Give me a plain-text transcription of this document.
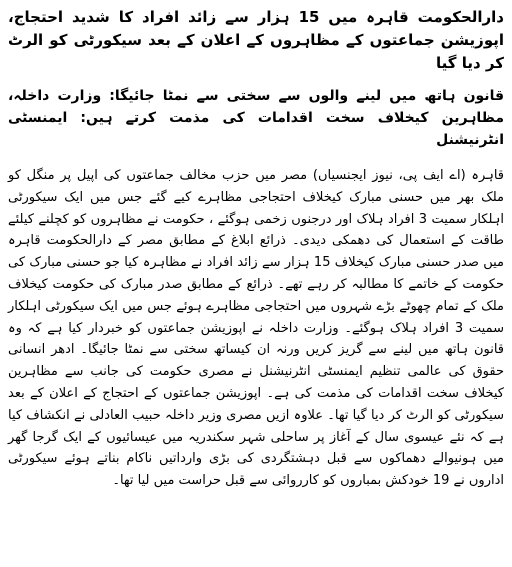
دارالحکومت قاہرہ میں 15 ہزار سے زائد افراد کا شدید احتجاج، اپوزیشن جماعتوں کے مظاہروں کے اعلان کے بعد سیکورٹی کو الرٹ کر دیا گیا
قانون ہاتھ میں لینے والوں سے سختی سے نمٹا جائیگا: وزارت داخلہ، مظاہرین کیخلاف سخت اقدامات کی مذمت کرتے ہیں: ایمنسٹی انٹرنیشنل

قاہرہ (اے ایف پی، نیوز ایجنسیاں) مصر میں حزب مخالف جماعتوں کی اپیل پر منگل کو ملک بھر میں حسنی مبارک کیخلاف احتجاجی مظاہرے کیے گئے جس میں ایک سیکورٹی اہلکار سمیت 3 افراد ہلاک اور درجنوں زخمی ہوگئے ، حکومت نے مظاہروں کو کچلنے کیلئے طاقت کے استعمال کی دھمکی دیدی۔ ذرائع ابلاغ کے مطابق مصر کے دارالحکومت قاہرہ میں صدر حسنی مبارک کیخلاف 15 ہزار سے زائد افراد نے مظاہرہ کیا جو حسنی مبارک کی حکومت کے خاتمے کا مطالبہ کر رہے تھے۔ ذرائع کے مطابق صدر مبارک کی حکومت کیخلاف ملک کے تمام چھوٹے بڑے شہروں میں احتجاجی مظاہرے ہوئے جس میں ایک سیکورٹی اہلکار سمیت 3 افراد ہلاک ہوگئے۔ وزارت داخلہ نے اپوزیشن جماعتوں کو خبردار کیا ہے کہ وہ قانون ہاتھ میں لینے سے گریز کریں ورنہ ان کیساتھ سختی سے نمٹا جائیگا۔ ادھر انسانی حقوق کی عالمی تنظیم ایمنسٹی انٹرنیشنل نے مصری حکومت کی جانب سے مظاہرین کیخلاف سخت اقدامات کی مذمت کی ہے۔ اپوزیشن جماعتوں کے احتجاج کے اعلان کے بعد سیکورٹی کو الرٹ کر دیا گیا تھا۔ علاوہ ازیں مصری وزیر داخلہ حبیب العادلی نے انکشاف کیا ہے کہ نئے عیسوی سال کے آغاز پر ساحلی شہر سکندریہ میں عیسائیوں کے ایک گرجا گھر میں ہونیوالے دھماکوں سے قبل دہشتگردی کی بڑی وارداتیں ناکام بناتے ہوئے سیکورٹی اداروں نے 19 خودکش بمباروں کو کارروائی سے قبل حراست میں لیا تھا۔
